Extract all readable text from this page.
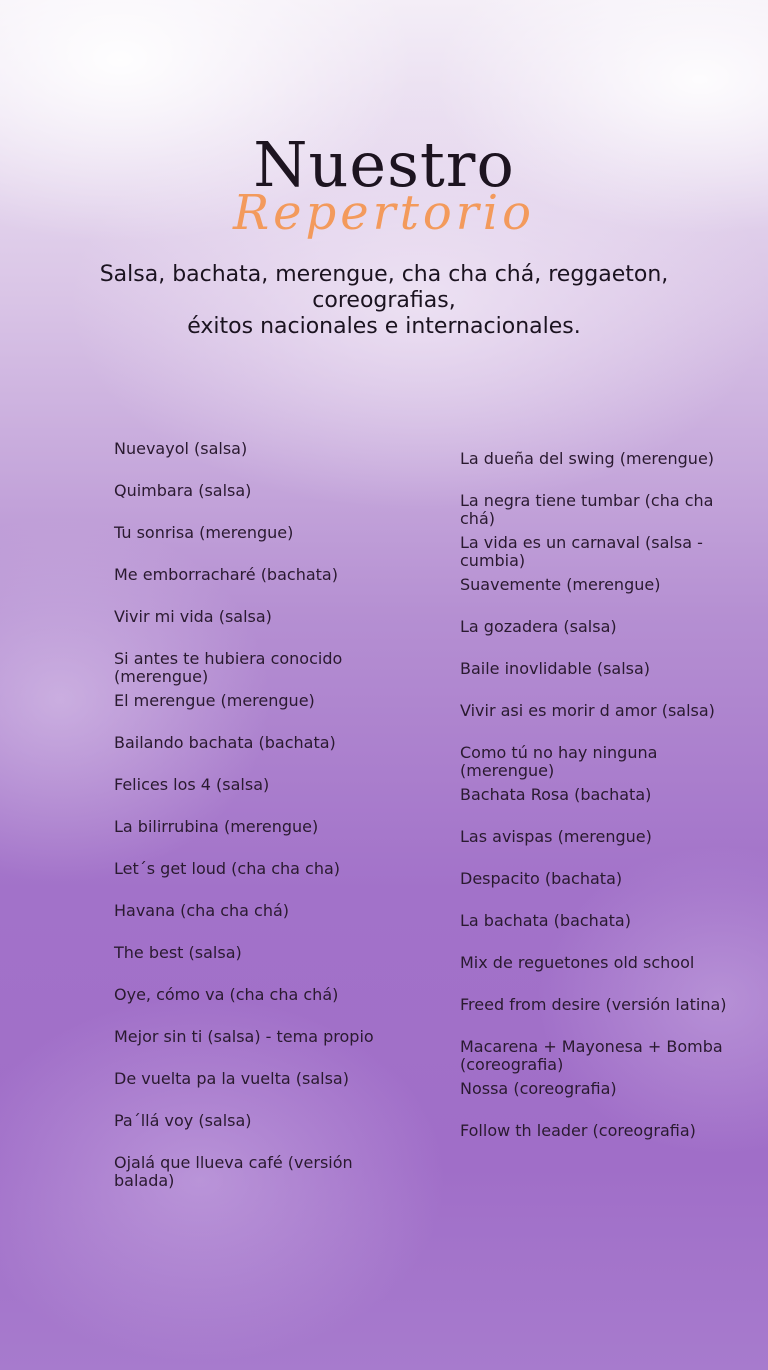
Nuestro
Repertorio
Salsa, bachata, merengue, cha cha chá, reggaeton,
coreografias,
éxitos nacionales e internacionales.
Nuevayol (salsa)
Quimbara (salsa)
Tu sonrisa (merengue)
Me emborracharé (bachata)
Vivir mi vida (salsa)
Si antes te hubiera conocido (merengue)
El merengue (merengue)
Bailando bachata (bachata)
Felices los 4 (salsa)
La bilirrubina (merengue)
Let´s get loud (cha cha cha)
Havana (cha cha chá)
The best (salsa)
Oye, cómo va (cha cha chá)
Mejor sin ti (salsa) - tema propio
De vuelta pa la vuelta (salsa)
Pa´llá voy (salsa)
Ojalá que llueva café (versión balada)
La dueña del swing (merengue)
La negra tiene tumbar (cha cha chá)
La vida es un carnaval (salsa - cumbia)
Suavemente (merengue)
La gozadera (salsa)
Baile inovlidable (salsa)
Vivir asi es morir d amor (salsa)
Como tú no hay ninguna (merengue)
Bachata Rosa (bachata)
Las avispas (merengue)
Despacito (bachata)
La bachata (bachata)
Mix de reguetones old school
Freed from desire (versión latina)
Macarena + Mayonesa + Bomba (coreografia)
Nossa (coreografia)
Follow th leader (coreografia)
